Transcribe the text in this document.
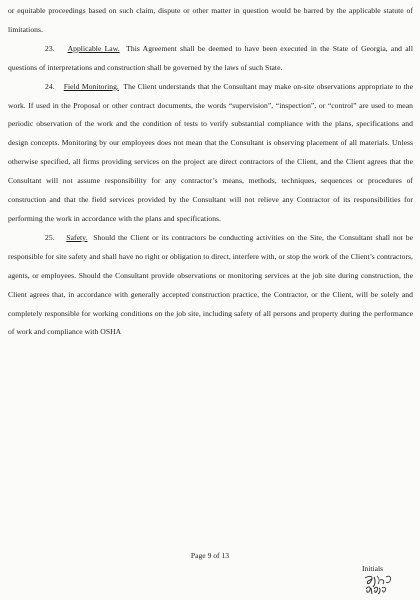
or equitable proceedings based on such claim, dispute or other matter in question would be barred by the applicable statute of limitations.

23. Applicable Law. This Agreement shall be deemed to have been executed in the State of Georgia, and all questions of interpretations and construction shall be governed by the laws of such State.

24. Field Monitoring. The Client understands that the Consultant may make on-site observations appropriate to the work. If used in the Proposal or other contract documents, the words “supervision”, “inspection”, or “control” are used to mean periodic observation of the work and the condition of tests to verify substantial compliance with the plans, specifications and design concepts. Monitoring by our employees does not mean that the Consultant is observing placement of all materials. Unless otherwise specified, all firms providing services on the project are direct contractors of the Client, and the Client agrees that the Consultant will not assume responsibility for any contractor’s means, methods, techniques, sequences or procedures of construction and that the field services provided by the Consultant will not relieve any Contractor of its responsibilities for performing the work in accordance with the plans and specifications.

25. Safety. Should the Client or its contractors be conducting activities on the Site, the Consultant shall not be responsible for site safety and shall have no right or obligation to direct, interfere with, or stop the work of the Client’s contractors, agents, or employees. Should the Consultant provide observations or monitoring services at the job site during construction, the Client agrees that, in accordance with generally accepted construction practice, the Contractor, or the Client, will be solely and completely responsible for working conditions on the job site, including safety of all persons and property during the performance of work and compliance with OSHA

Page 9 of 13
Initials
